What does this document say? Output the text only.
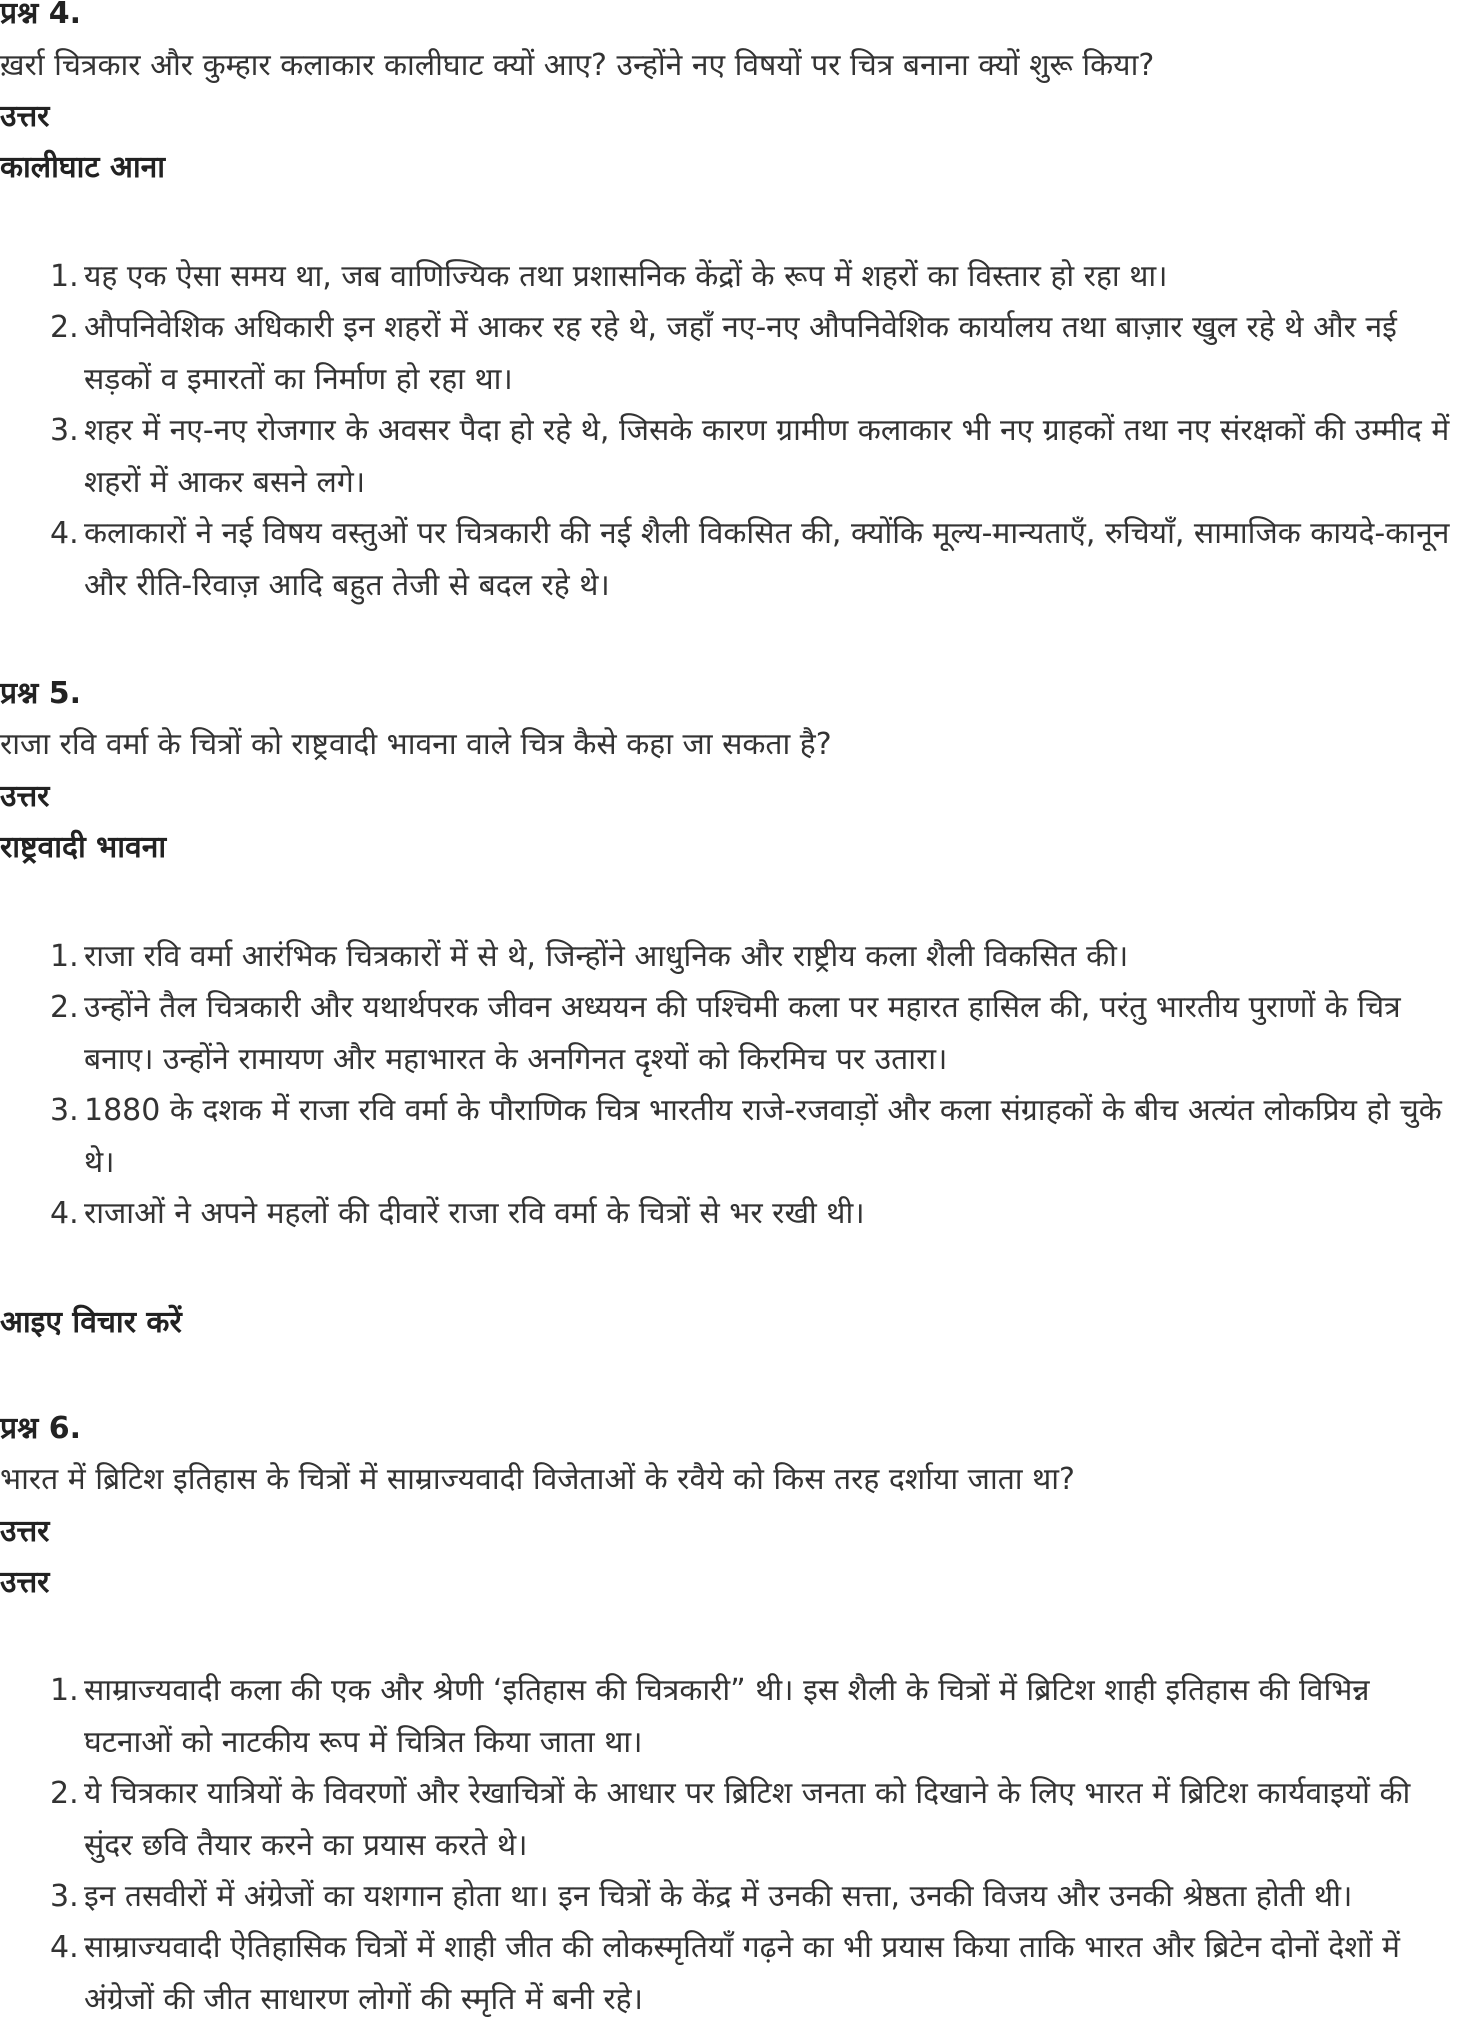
प्रश्न 4.
ख़र्रा चित्रकार और कुम्हार कलाकार कालीघाट क्यों आए? उन्होंने नए विषयों पर चित्र बनाना क्यों शुरू किया?
उत्तर
कालीघाट आना
1. यह एक ऐसा समय था, जब वाणिज्यिक तथा प्रशासनिक केंद्रों के रूप में शहरों का विस्तार हो रहा था।
2. औपनिवेशिक अधिकारी इन शहरों में आकर रह रहे थे, जहाँ नए-नए औपनिवेशिक कार्यालय तथा बाज़ार खुल रहे थे और नई सड़कों व इमारतों का निर्माण हो रहा था।
3. शहर में नए-नए रोजगार के अवसर पैदा हो रहे थे, जिसके कारण ग्रामीण कलाकार भी नए ग्राहकों तथा नए संरक्षकों की उम्मीद में शहरों में आकर बसने लगे।
4. कलाकारों ने नई विषय वस्तुओं पर चित्रकारी की नई शैली विकसित की, क्योंकि मूल्य-मान्यताएँ, रुचियाँ, सामाजिक कायदे-कानून और रीति-रिवाज़ आदि बहुत तेजी से बदल रहे थे।
प्रश्न 5.
राजा रवि वर्मा के चित्रों को राष्ट्रवादी भावना वाले चित्र कैसे कहा जा सकता है?
उत्तर
राष्ट्रवादी भावना
1. राजा रवि वर्मा आरंभिक चित्रकारों में से थे, जिन्होंने आधुनिक और राष्ट्रीय कला शैली विकसित की।
2. उन्होंने तैल चित्रकारी और यथार्थपरक जीवन अध्ययन की पश्चिमी कला पर महारत हासिल की, परंतु भारतीय पुराणों के चित्र बनाए। उन्होंने रामायण और महाभारत के अनगिनत दृश्यों को किरमिच पर उतारा।
3. 1880 के दशक में राजा रवि वर्मा के पौराणिक चित्र भारतीय राजे-रजवाड़ों और कला संग्राहकों के बीच अत्यंत लोकप्रिय हो चुके थे।
4. राजाओं ने अपने महलों की दीवारें राजा रवि वर्मा के चित्रों से भर रखी थी।
आइए विचार करें
प्रश्न 6.
भारत में ब्रिटिश इतिहास के चित्रों में साम्राज्यवादी विजेताओं के रवैये को किस तरह दर्शाया जाता था?
उत्तर
उत्तर
1. साम्राज्यवादी कला की एक और श्रेणी ‘इतिहास की चित्रकारी” थी। इस शैली के चित्रों में ब्रिटिश शाही इतिहास की विभिन्न घटनाओं को नाटकीय रूप में चित्रित किया जाता था।
2. ये चित्रकार यात्रियों के विवरणों और रेखाचित्रों के आधार पर ब्रिटिश जनता को दिखाने के लिए भारत में ब्रिटिश कार्यवाइयों की सुंदर छवि तैयार करने का प्रयास करते थे।
3. इन तसवीरों में अंग्रेजों का यशगान होता था। इन चित्रों के केंद्र में उनकी सत्ता, उनकी विजय और उनकी श्रेष्ठता होती थी।
4. साम्राज्यवादी ऐतिहासिक चित्रों में शाही जीत की लोकस्मृतियाँ गढ़ने का भी प्रयास किया ताकि भारत और ब्रिटेन दोनों देशों में अंग्रेजों की जीत साधारण लोगों की स्मृति में बनी रहे।
